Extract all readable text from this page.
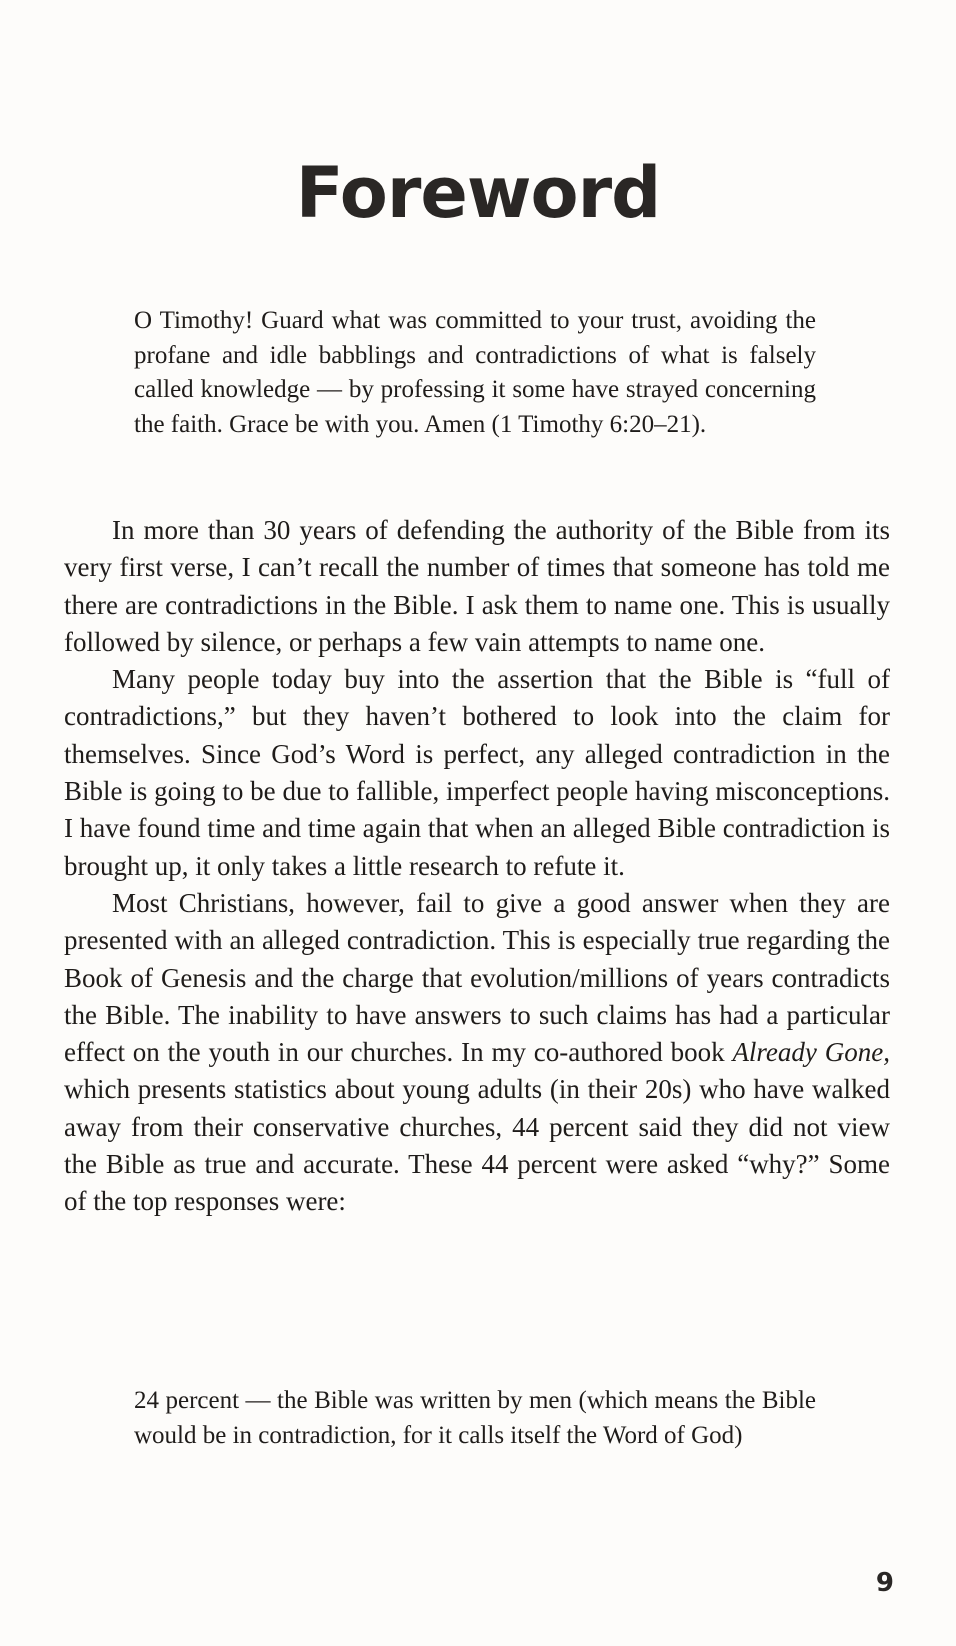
Foreword

O Timothy! Guard what was committed to your trust, avoiding the profane and idle babblings and contradictions of what is falsely called knowledge — by professing it some have strayed concerning the faith. Grace be with you. Amen (1 Timothy 6:20–21).

In more than 30 years of defending the authority of the Bible from its very first verse, I can’t recall the number of times that someone has told me there are contradictions in the Bible. I ask them to name one. This is usually followed by silence, or perhaps a few vain attempts to name one.

Many people today buy into the assertion that the Bible is “full of contradictions,” but they haven’t bothered to look into the claim for themselves. Since God’s Word is perfect, any alleged contradiction in the Bible is going to be due to fallible, imperfect people having misconceptions. I have found time and time again that when an alleged Bible contradiction is brought up, it only takes a little research to refute it.

Most Christians, however, fail to give a good answer when they are presented with an alleged contradiction. This is especially true regarding the Book of Genesis and the charge that evolution/millions of years contradicts the Bible. The inability to have answers to such claims has had a particular effect on the youth in our churches. In my co-authored book Already Gone, which presents statistics about young adults (in their 20s) who have walked away from their conservative churches, 44 percent said they did not view the Bible as true and accurate. These 44 percent were asked “why?” Some of the top responses were:

24 percent — the Bible was written by men (which means the Bible would be in contradiction, for it calls itself the Word of God)

9
